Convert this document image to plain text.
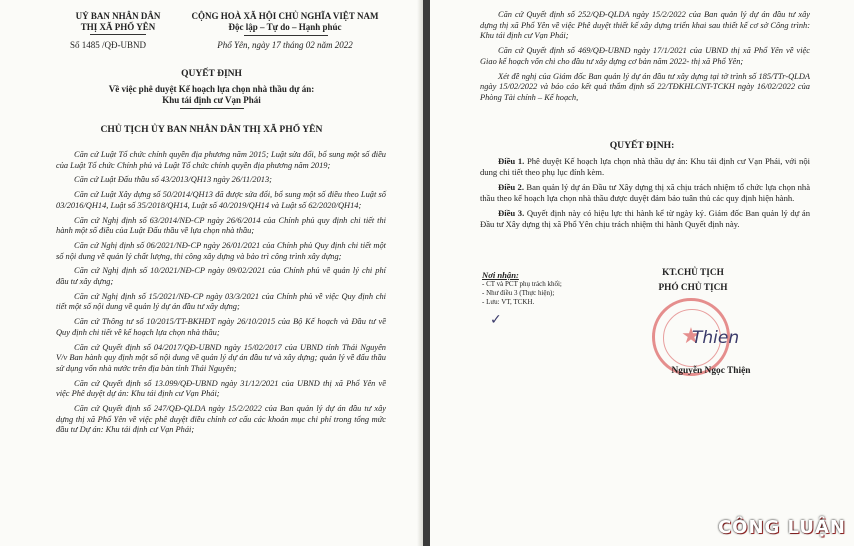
UỶ BAN NHÂN DÂN
THỊ XÃ PHỔ YÊN
Số 1485 /QĐ-UBND
CỘNG HOÀ XÃ HỘI CHỦ NGHĨA VIỆT NAM
Độc lập – Tự do – Hạnh phúc
Phổ Yên, ngày 17 tháng 02 năm 2022
QUYẾT ĐỊNH
Về việc phê duyệt Kế hoạch lựa chọn nhà thầu dự án:
Khu tái định cư Vạn Phái
CHỦ TỊCH ỦY BAN NHÂN DÂN THỊ XÃ PHỔ YÊN

Căn cứ Luật Tổ chức chính quyền địa phương năm 2015; Luật sửa đổi, bổ sung một số điều của Luật Tổ chức Chính phủ và Luật Tổ chức chính quyền địa phương năm 2019;

Căn cứ Luật Đấu thầu số 43/2013/QH13 ngày 26/11/2013;

Căn cứ Luật Xây dựng số 50/2014/QH13 đã được sửa đổi, bổ sung một số điều theo Luật số 03/2016/QH14, Luật số 35/2018/QH14, Luật số 40/2019/QH14 và Luật số 62/2020/QH14;

Căn cứ Nghị định số 63/2014/NĐ-CP ngày 26/6/2014 của Chính phủ quy định chi tiết thi hành một số điều của Luật Đấu thầu về lựa chọn nhà thầu;

Căn cứ Nghị định số 06/2021/NĐ-CP ngày 26/01/2021 của Chính phủ Quy định chi tiết một số nội dung về quản lý chất lượng, thi công xây dựng và bảo trì công trình xây dựng;

Căn cứ Nghị định số 10/2021/NĐ-CP ngày 09/02/2021 của Chính phủ về quản lý chi phí đầu tư xây dựng;

Căn cứ Nghị định số 15/2021/NĐ-CP ngày 03/3/2021 của Chính phủ về việc Quy định chi tiết một số nội dung về quản lý dự án đầu tư xây dựng;

Căn cứ Thông tư số 10/2015/TT-BKHĐT ngày 26/10/2015 của Bộ Kế hoạch và Đầu tư về Quy định chi tiết về kế hoạch lựa chọn nhà thầu;

Căn cứ Quyết định số 04/2017/QĐ-UBND ngày 15/02/2017 của UBND tỉnh Thái Nguyên V/v Ban hành quy định một số nội dung về quản lý dự án đầu tư và xây dựng; quản lý về đấu thầu sử dụng vốn nhà nước trên địa bàn tỉnh Thái Nguyên;

Căn cứ Quyết định số 13.099/QĐ-UBND ngày 31/12/2021 của UBND thị xã Phổ Yên về việc Phê duyệt dự án: Khu tái định cư Vạn Phái;

Căn cứ Quyết định số 247/QĐ-QLDA ngày 15/2/2022 của Ban quản lý dự án đầu tư xây dựng thị xã Phổ Yên về việc phê duyệt điều chỉnh cơ cấu các khoản mục chi phí trong tổng mức đầu tư Dự án: Khu tái định cư Vạn Phái;

Căn cứ Quyết định số 252/QĐ-QLDA ngày 15/2/2022 của Ban quản lý dự án đầu tư xây dựng thị xã Phổ Yên về việc Phê duyệt thiết kế xây dựng triển khai sau thiết kế cơ sở Công trình: Khu tái định cư Vạn Phái;

Căn cứ Quyết định số 469/QĐ-UBND ngày 17/1/2021 của UBND thị xã Phổ Yên về việc Giao kế hoạch vốn chi cho đầu tư xây dựng cơ bản năm 2022- thị xã Phổ Yên;

Xét đề nghị của Giám đốc Ban quản lý dự án đầu tư xây dựng tại tờ trình số 185/TTr-QLDA ngày 15/02/2022 và báo cáo kết quả thẩm định số 22/TĐKHLCNT-TCKH ngày 16/02/2022 của Phòng Tài chính – Kế hoạch,

QUYẾT ĐỊNH:

Điều 1. Phê duyệt Kế hoạch lựa chọn nhà thầu dự án: Khu tái định cư Vạn Phái, với nội dung chi tiết theo phụ lục đính kèm.

Điều 2. Ban quản lý dự án Đầu tư Xây dựng thị xã chịu trách nhiệm tổ chức lựa chọn nhà thầu theo kế hoạch lựa chọn nhà thầu được duyệt đảm bảo tuân thủ các quy định hiện hành.

Điều 3. Quyết định này có hiệu lực thi hành kể từ ngày ký. Giám đốc Ban quản lý dự án Đầu tư Xây dựng thị xã Phổ Yên chịu trách nhiệm thi hành Quyết định này.

Nơi nhận:
- CT và PCT phụ trách khối;
- Như điều 3 (Thực hiện);
- Lưu: VT, TCKH.
✓
KT.CHỦ TỊCH
PHÓ CHỦ TỊCH
★
Thien
Nguyễn Ngọc Thiện
CÔNG LUẬN
